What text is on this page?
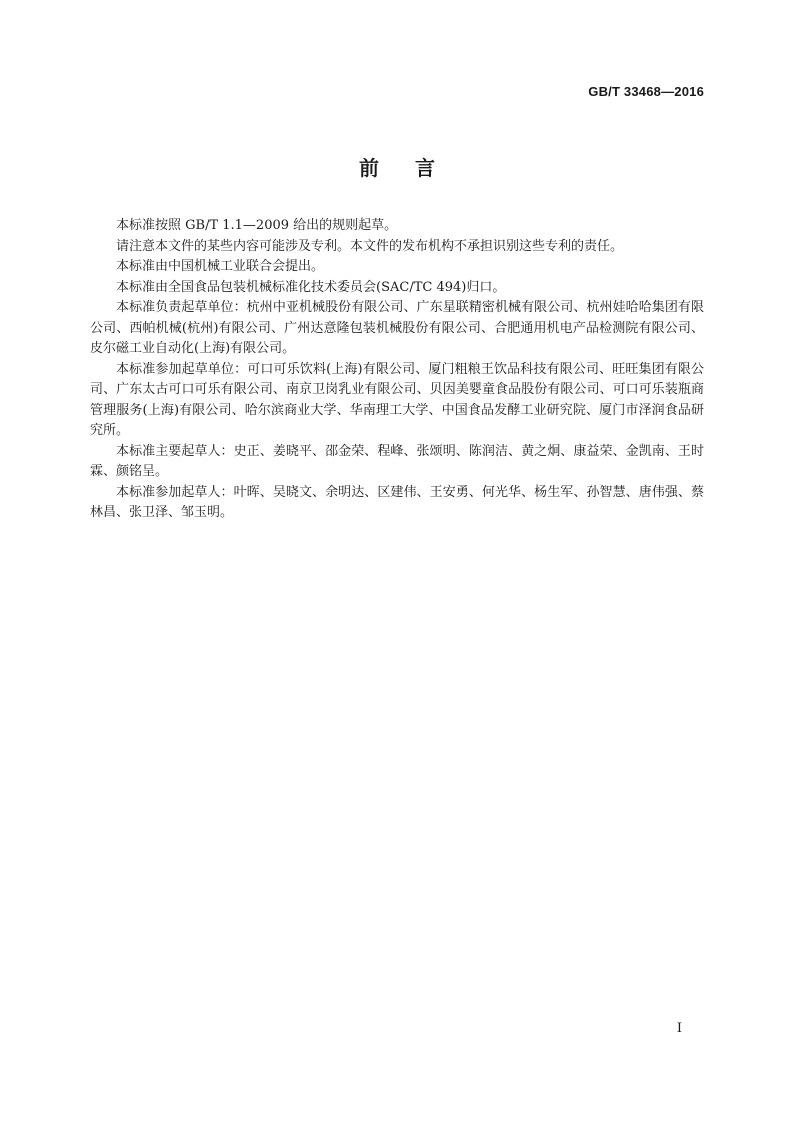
GB/T 33468—2016
前言

本标准按照 GB/T 1.1—2009 给出的规则起草。

请注意本文件的某些内容可能涉及专利。本文件的发布机构不承担识别这些专利的责任。

本标准由中国机械工业联合会提出。

本标准由全国食品包装机械标准化技术委员会(SAC/TC 494)归口。

本标准负责起草单位：杭州中亚机械股份有限公司、广东星联精密机械有限公司、杭州娃哈哈集团有限公司、西帕机械(杭州)有限公司、广州达意隆包装机械股份有限公司、合肥通用机电产品检测院有限公司、皮尔磁工业自动化(上海)有限公司。

本标准参加起草单位：可口可乐饮料(上海)有限公司、厦门粗粮王饮品科技有限公司、旺旺集团有限公司、广东太古可口可乐有限公司、南京卫岗乳业有限公司、贝因美婴童食品股份有限公司、可口可乐装瓶商管理服务(上海)有限公司、哈尔滨商业大学、华南理工大学、中国食品发酵工业研究院、厦门市泽润食品研究所。

本标准主要起草人：史正、姜晓平、邵金荣、程峰、张颂明、陈润洁、黄之炯、康益荣、金凯南、王时霖、颜铭呈。

本标准参加起草人：叶晖、吴晓文、余明达、区建伟、王安勇、何光华、杨生军、孙智慧、唐伟强、蔡林昌、张卫泽、邹玉明。

I
